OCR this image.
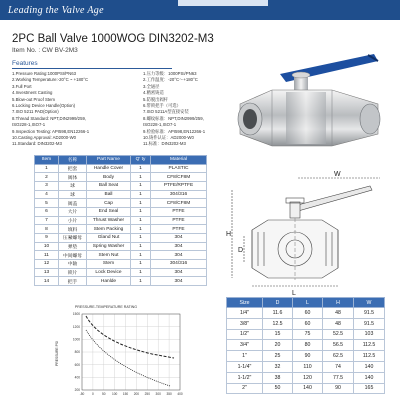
Leading the Valve Age
2PC Ball Valve 1000WOG DIN3202-M3
Item No. : CW BV-2M3
Features
1.Pressure Rating:1000PSI/PN63
2.Working Temperature:-20°C ~ +180°C
3.Full Port
4.Investment Casting
5.Blow-out Proof Stem
6.Locking Device Handle(Option)
7.ISO 5211 PAD(Option)
8.Thread Standard: NPT,DIN2999/259,
ISO228-1,ISO7-1
9.Inspection Testing: API598,EN12266-1
10.Casting Approval: AD2000-W0
11.Standard: DIN3202-M3
1.压力等级：1000PSI/PN63
2.工作温度：-20°C～+180°C
3.全通径
4.精密铸造
5.防脱出阀杆
6.带锁把手（可选）
7.ISO 5211A型直接安装
8.螺纹标准：NPT,DIN2999/259,
ISO228-1,ISO7-1
9.检验标准：API598,EN12266-1
10.铸件认证：AD2000-W0
11.标准：DIN3202-M3
Item	名称	Part Name	Q' ty	Material
1	把套	Handle Cover	1	PLASTIC
2	阀体	Body	1	CF8/CF8M
3	球	Ball Seat	1	PTFE/RPTFE
4	球	Ball	1	304/316
5	阀盖	Cap	1	CF8/CF8M
6	大片	End Seal	1	PTFE
7	小片	Thrust Washer	1	PTFE
8	填料	Stem Packing	1	PTFE
9	压紧螺母	Gland Nut	1	304
10	弹垫	Spring Washer	1	304
11	中间螺母	Stem Nut	1	304
12	中轴	Stem	1	304/316
13	锁片	Lock Device	1	304
14	把手	Hanlde	1	304
H
W
D
L
PRESSURE-TEMPERATURE RATING
PRESSURE PSI
1500
1200
1000
800
600
400
200
-50 0	50 100 150 200 250 300 350 400
Size	D	L	H	W
1/4"	11.6	60	48	91.5
3/8"	12.5	60	48	91.5
1/2"	15	75	52.5	103
3/4"	20	80	56.5	112.5
1"	25	90	62.5	112.5
1-1/4"	32	110	74	140
1-1/2"	38	120	77.5	140
2"	50	140	90	165
